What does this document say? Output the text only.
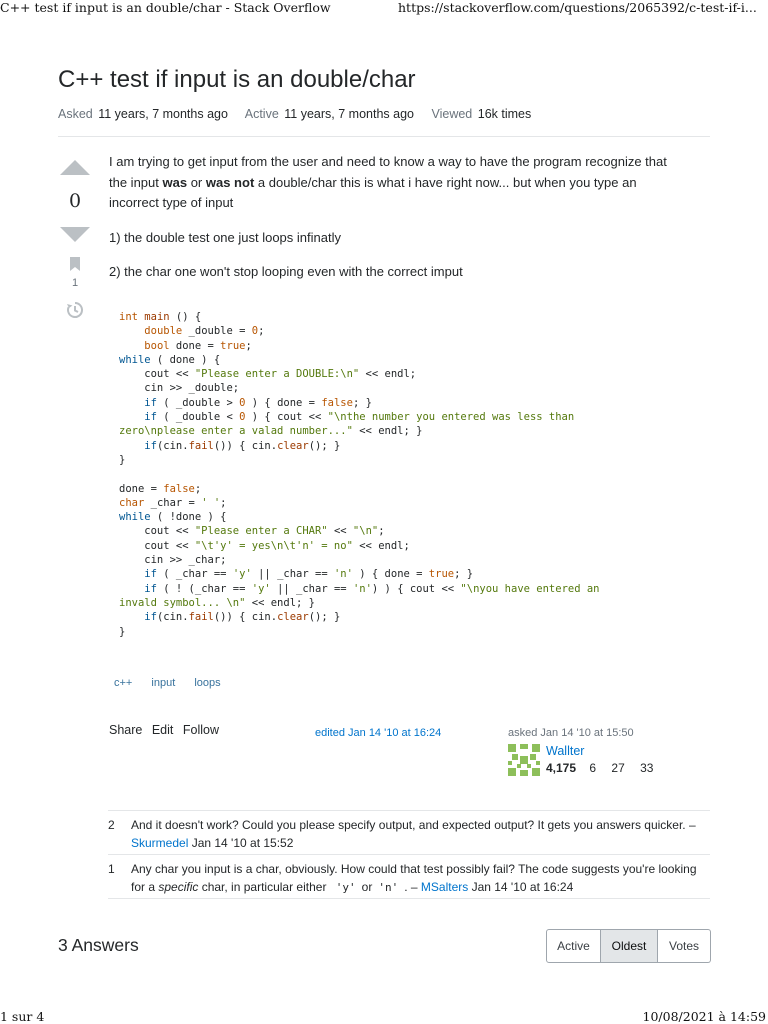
C++ test if input is an double/char - Stack Overflow	https://stackoverflow.com/questions/2065392/c-test-if-i...
C++ test if input is an double/char
Asked 11 years, 7 months ago Active 11 years, 7 months ago Viewed 16k times
0
1

I am trying to get input from the user and need to know a way to have the program recognize that the input was or was not a double/char this is what i have right now... but when you type an incorrect type of input

1) the double test one just loops infinatly

2) the char one won't stop looping even with the correct imput

int main () {
double _double = 0;
bool done = true;
while ( done ) {
cout << "Please enter a DOUBLE:\n" << endl;
cin >> _double;
if ( _double > 0 ) { done = false; }
if ( _double < 0 ) { cout << "\nthe number you entered was less than
zero\nplease enter a valad number..." << endl; }
if(cin.fail()) { cin.clear(); }
}

done = false;
char _char = ' ';
while ( !done ) {
cout << "Please enter a CHAR" << "\n";
cout << "\t'y' = yes\n\t'n' = no" << endl;
cin >> _char;
if ( _char == 'y' || _char == 'n' ) { done = true; }
if ( ! (_char == 'y' || _char == 'n') ) { cout << "\nyou have entered an
invald symbol... \n" << endl; }
if(cin.fail()) { cin.clear(); }
}
c++ input loops
Share Edit Follow	edited Jan 14 '10 at 16:24	asked Jan 14 '10 at 15:50
Wallter
4,175 6 27 33
2	And it doesn't work? Could you please specify output, and expected output? It gets you answers quicker. – Skurmedel Jan 14 '10 at 15:52
1	Any char you input is a char, obviously. How could that test possibly fail? The code suggests you're looking for a specific char, in particular either 'y' or 'n' . – MSalters Jan 14 '10 at 16:24
3 Answers	Active	Oldest	Votes
1 sur 4	10/08/2021 à 14:59
